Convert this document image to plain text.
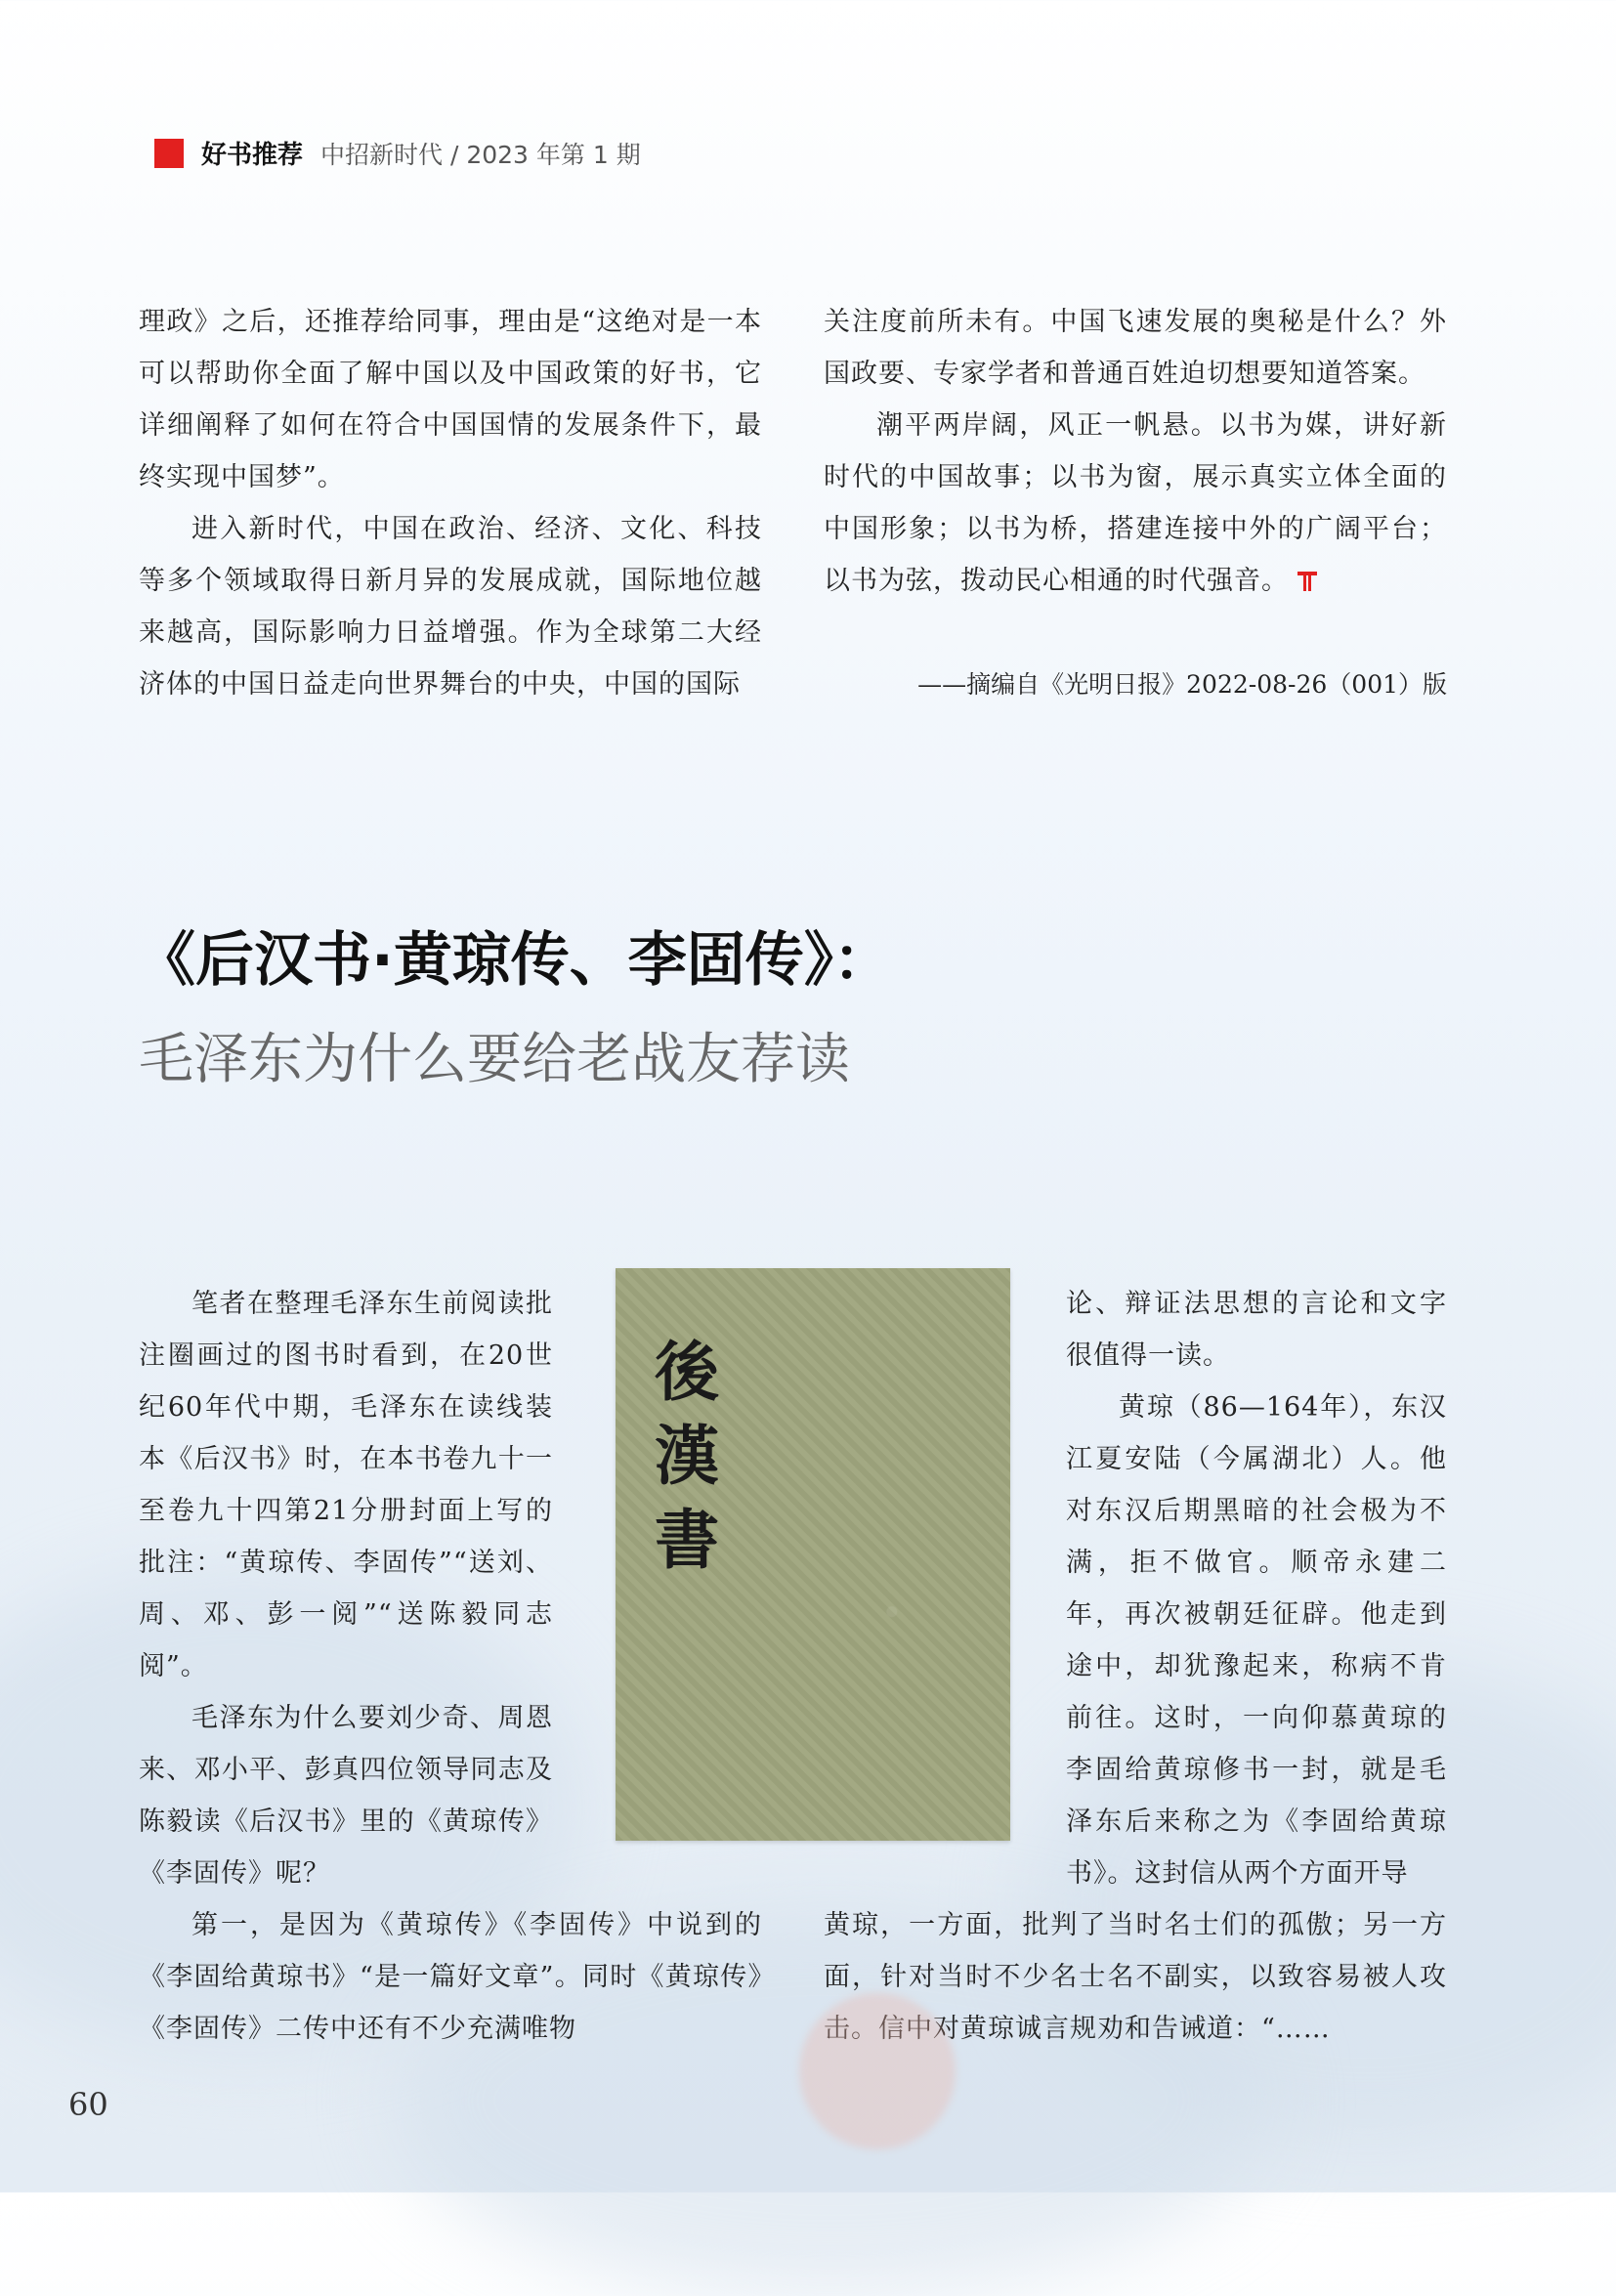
好书推荐 中招新时代 / 2023 年第 1 期

理政》之后，还推荐给同事，理由是“这绝对是一本可以帮助你全面了解中国以及中国政策的好书，它详细阐释了如何在符合中国国情的发展条件下，最终实现中国梦”。

进入新时代，中国在政治、经济、文化、科技等多个领域取得日新月异的发展成就，国际地位越来越高，国际影响力日益增强。作为全球第二大经济体的中国日益走向世界舞台的中央，中国的国际

关注度前所未有。中国飞速发展的奥秘是什么？外国政要、专家学者和普通百姓迫切想要知道答案。

潮平两岸阔，风正一帆悬。以书为媒，讲好新时代的中国故事；以书为窗，展示真实立体全面的中国形象；以书为桥，搭建连接中外的广阔平台；以书为弦，拨动民心相通的时代强音。

——摘编自《光明日报》2022-08-26（001）版
《后汉书·黄琼传、李固传》：
毛泽东为什么要给老战友荐读
後
漢
書

笔者在整理毛泽东生前阅读批注圈画过的图书时看到，在20世纪60年代中期，毛泽东在读线装本《后汉书》时，在本书卷九十一至卷九十四第21分册封面上写的批注：“黄琼传、李固传”“送刘、周、邓、彭一阅”“送陈毅同志阅”。

毛泽东为什么要刘少奇、周恩来、邓小平、彭真四位领导同志及陈毅读《后汉书》里的《黄琼传》《李固传》呢？

论、辩证法思想的言论和文字很值得一读。

黄琼（86—164年），东汉江夏安陆（今属湖北）人。他对东汉后期黑暗的社会极为不满，拒不做官。顺帝永建二年，再次被朝廷征辟。他走到途中，却犹豫起来，称病不肯前往。这时，一向仰慕黄琼的李固给黄琼修书一封，就是毛泽东后来称之为《李固给黄琼书》。这封信从两个方面开导

第一，是因为《黄琼传》《李固传》中说到的《李固给黄琼书》“是一篇好文章”。同时《黄琼传》《李固传》二传中还有不少充满唯物

黄琼，一方面，批判了当时名士们的孤傲；另一方面，针对当时不少名士名不副实，以致容易被人攻击。信中对黄琼诚言规劝和告诫道：“……

60
